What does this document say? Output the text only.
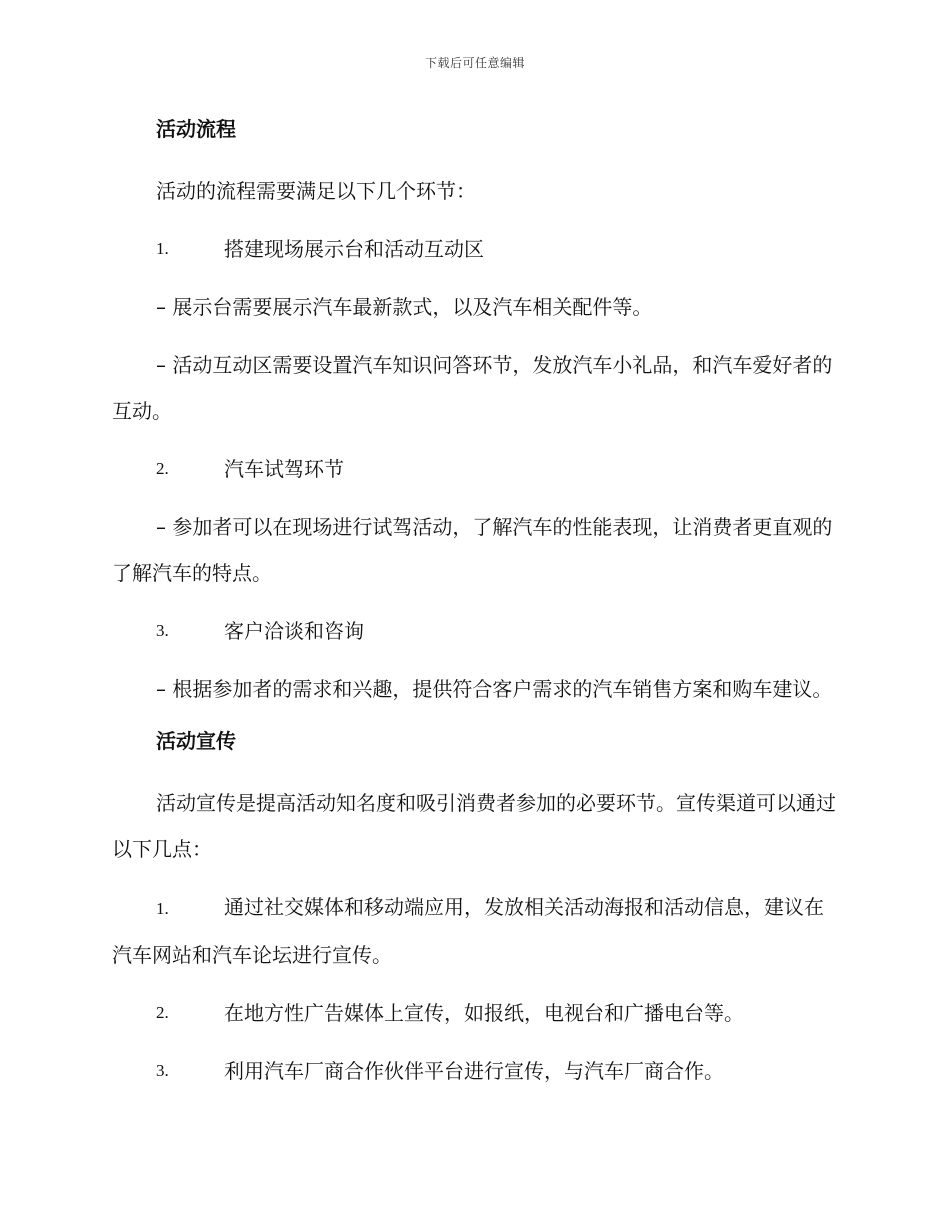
下载后可任意编辑
活动流程

活动的流程需要满足以下几个环节：

1.	搭建现场展示台和活动互动区

– 展示台需要展示汽车最新款式，以及汽车相关配件等。

– 活动互动区需要设置汽车知识问答环节，发放汽车小礼品，和汽车爱好者的互动。

2.	汽车试驾环节

– 参加者可以在现场进行试驾活动，了解汽车的性能表现，让消费者更直观的了解汽车的特点。

3.	客户洽谈和咨询

– 根据参加者的需求和兴趣，提供符合客户需求的汽车销售方案和购车建议。

活动宣传

活动宣传是提高活动知名度和吸引消费者参加的必要环节。宣传渠道可以通过以下几点：

1.	通过社交媒体和移动端应用，发放相关活动海报和活动信息，建议在汽车网站和汽车论坛进行宣传。
2.	在地方性广告媒体上宣传，如报纸，电视台和广播电台等。
3.	利用汽车厂商合作伙伴平台进行宣传，与汽车厂商合作。
